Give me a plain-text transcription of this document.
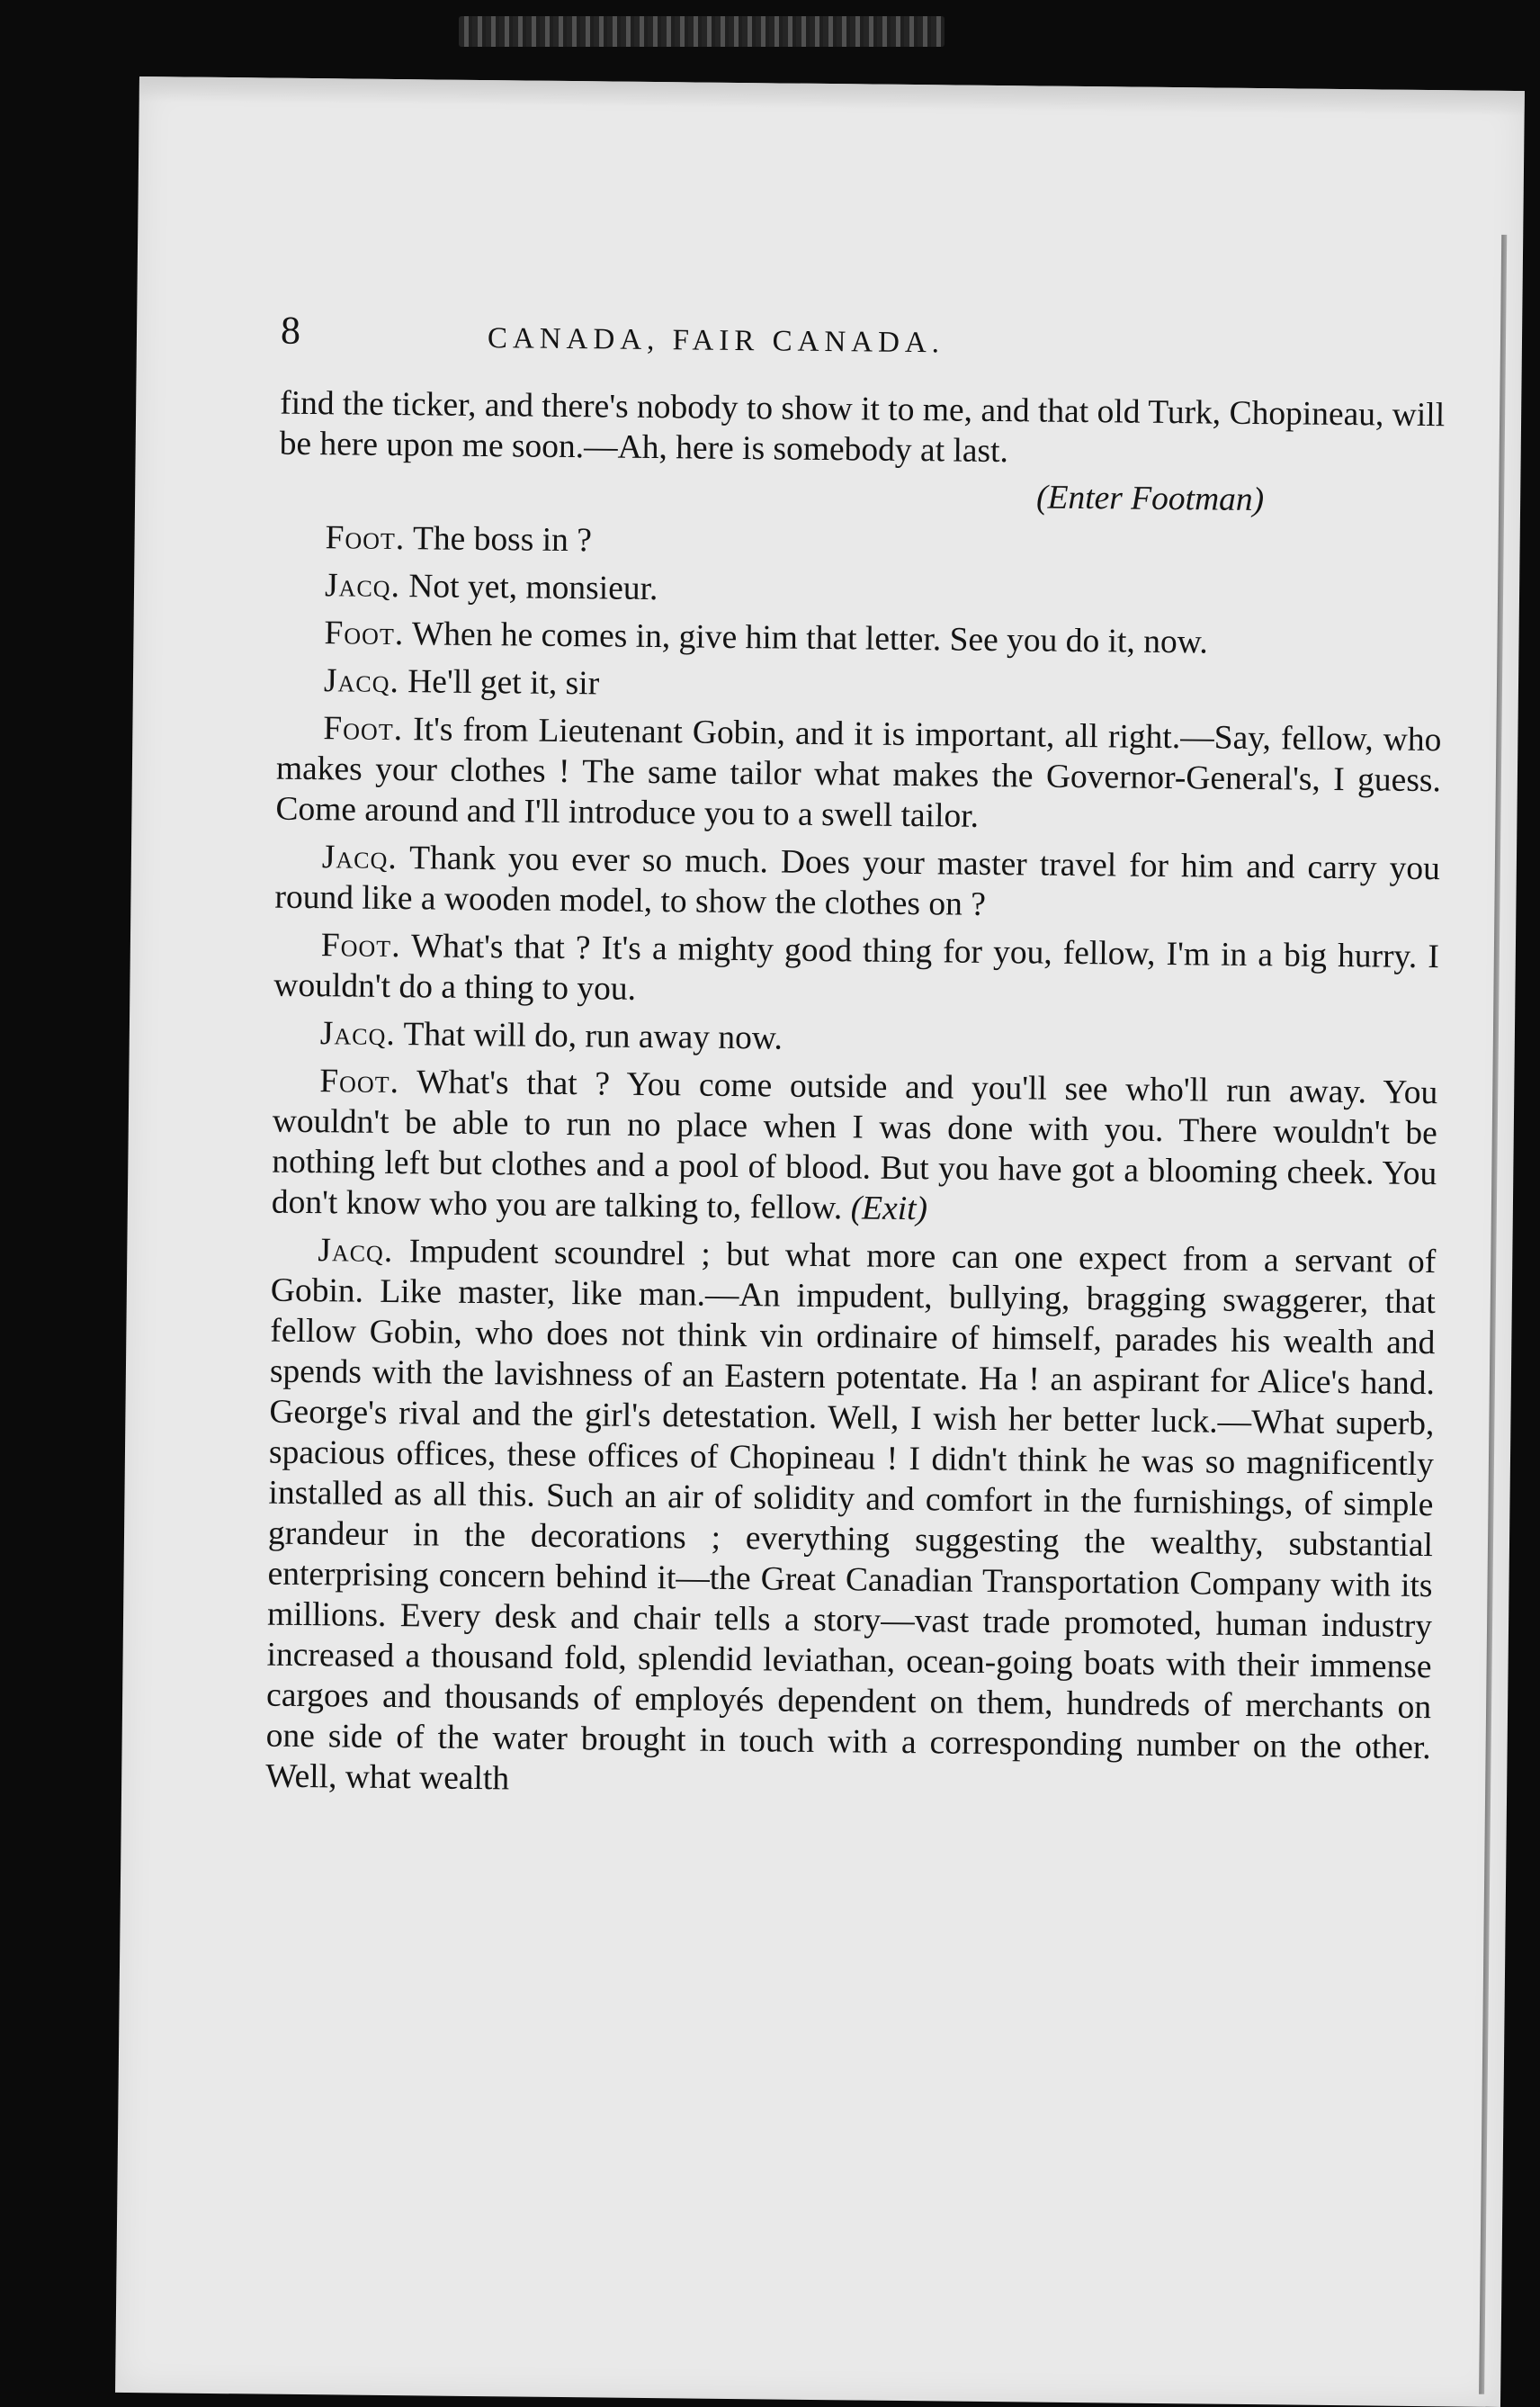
8	CANADA, FAIR CANADA.

find the ticker, and there's nobody to show it to me, and that old Turk, Chopineau, will be here upon me soon.—Ah, here is somebody at last.

(Enter Footman)

Foot. The boss in ?

Jacq. Not yet, monsieur.

Foot. When he comes in, give him that letter. See you do it, now.

Jacq. He'll get it, sir

Foot. It's from Lieutenant Gobin, and it is important, all right.—Say, fellow, who makes your clothes ! The same tailor what makes the Governor-General's, I guess. Come around and I'll introduce you to a swell tailor.

Jacq. Thank you ever so much. Does your master travel for him and carry you round like a wooden model, to show the clothes on ?

Foot. What's that ? It's a mighty good thing for you, fellow, I'm in a big hurry. I wouldn't do a thing to you.

Jacq. That will do, run away now.

Foot. What's that ? You come outside and you'll see who'll run away. You wouldn't be able to run no place when I was done with you. There wouldn't be nothing left but clothes and a pool of blood. But you have got a blooming cheek. You don't know who you are talking to, fellow. (Exit)

Jacq. Impudent scoundrel ; but what more can one expect from a servant of Gobin. Like master, like man.—An impudent, bullying, bragging swaggerer, that fellow Gobin, who does not think vin ordinaire of himself, parades his wealth and spends with the lavishness of an Eastern potentate. Ha ! an aspirant for Alice's hand. George's rival and the girl's detestation. Well, I wish her better luck.—What superb, spacious offices, these offices of Chopineau ! I didn't think he was so magnificently installed as all this. Such an air of solidity and comfort in the furnishings, of simple grandeur in the decorations ; everything suggesting the wealthy, substantial enterprising concern behind it—the Great Canadian Transportation Company with its millions. Every desk and chair tells a story—vast trade promoted, human industry increased a thousand fold, splendid leviathan, ocean-going boats with their immense cargoes and thousands of employés dependent on them, hundreds of merchants on one side of the water brought in touch with a corresponding number on the other. Well, what wealth
